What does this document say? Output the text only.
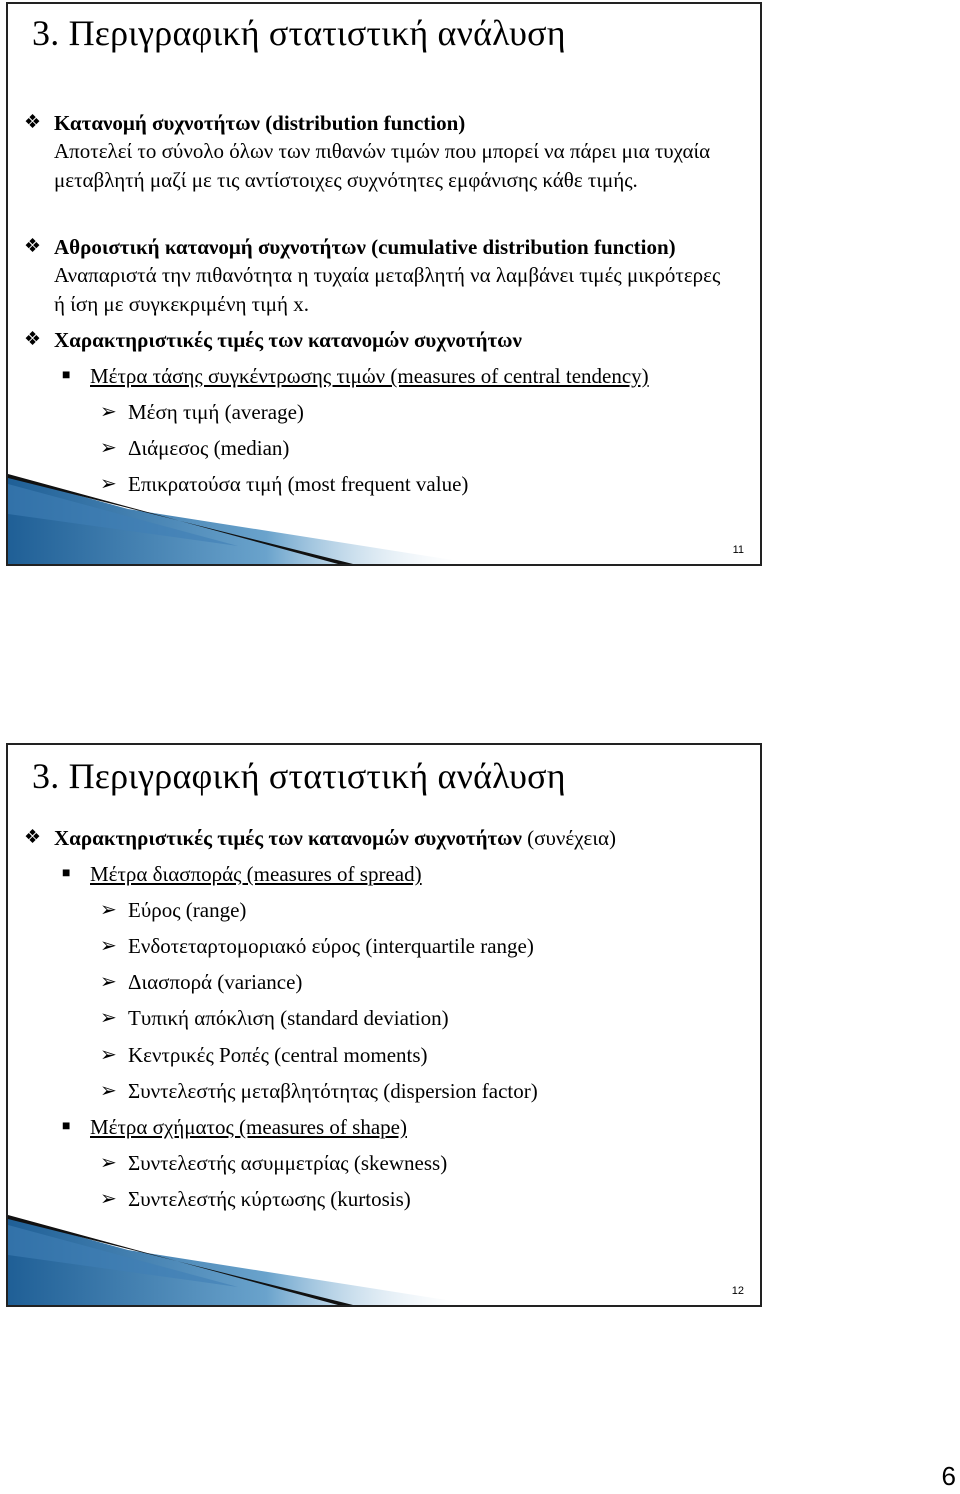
3. Περιγραφική στατιστική ανάλυση
❖ Κατανομή συχνοτήτων (distribution function)
Αποτελεί το σύνολο όλων των πιθανών τιμών που μπορεί να πάρει μια τυχαία μεταβλητή μαζί με τις αντίστοιχες συχνότητες εμφάνισης κάθε τιμής.
❖ Αθροιστική κατανομή συχνοτήτων (cumulative distribution function)
Αναπαριστά την πιθανότητα η τυχαία μεταβλητή να λαμβάνει τιμές μικρότερες ή ίση με συγκεκριμένη τιμή x.
❖ Χαρακτηριστικές τιμές των κατανομών συχνοτήτων
■ Μέτρα τάσης συγκέντρωσης τιμών (measures of central tendency)
➢ Μέση τιμή (average)
➢ Διάμεσος (median)
➢ Επικρατούσα τιμή (most frequent value)
11
3. Περιγραφική στατιστική ανάλυση
❖ Χαρακτηριστικές τιμές των κατανομών συχνοτήτων (συνέχεια)
■ Μέτρα διασποράς (measures of spread)
➢ Εύρος (range)
➢ Ενδοτεταρτομοριακό εύρος (interquartile range)
➢ Διασπορά (variance)
➢ Τυπική απόκλιση (standard deviation)
➢ Κεντρικές Ροπές (central moments)
➢ Συντελεστής μεταβλητότητας (dispersion factor)
■ Μέτρα σχήματος (measures of shape)
➢ Συντελεστής ασυμμετρίας (skewness)
➢ Συντελεστής κύρτωσης (kurtosis)
12
6
